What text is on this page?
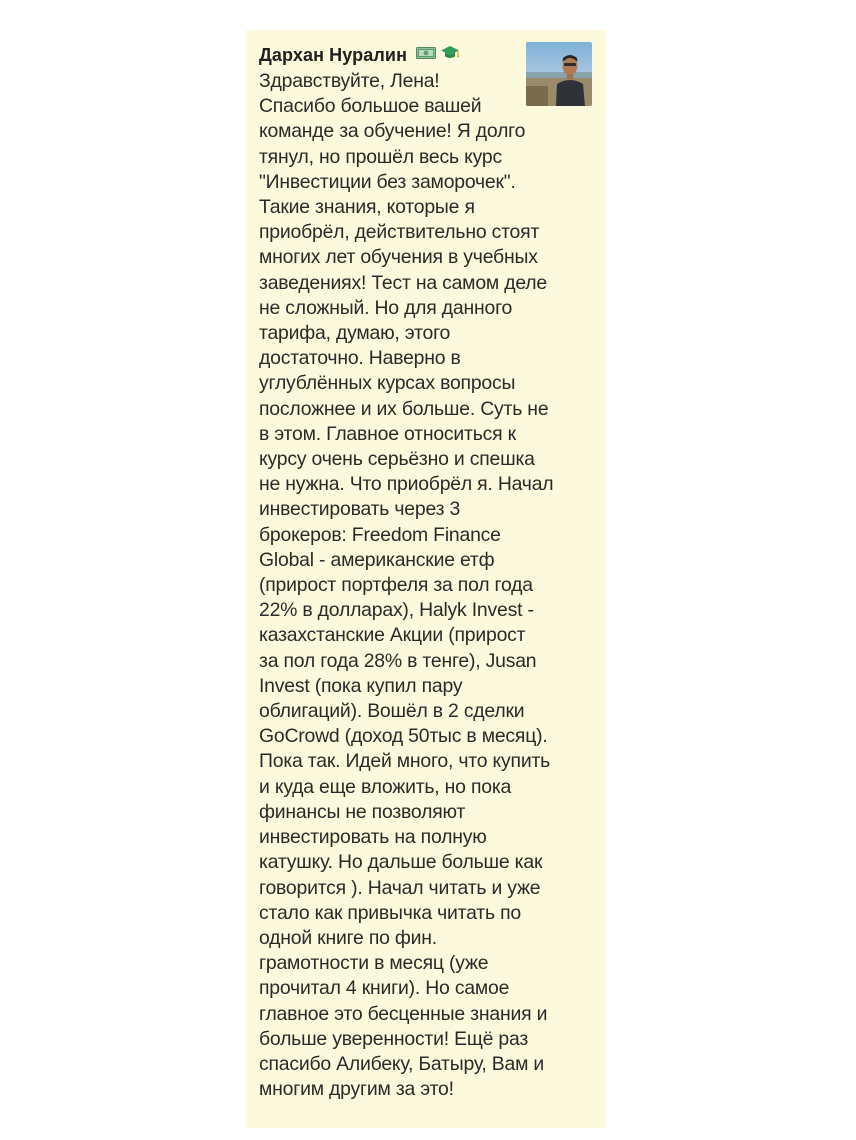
Дархан Нуралин
Здравствуйте, Лена!
Спасибо большое вашей
команде за обучение! Я долго
тянул, но прошёл весь курс
"Инвестиции без заморочек".
Такие знания, которые я
приобрёл, действительно стоят
многих лет обучения в учебных
заведениях! Тест на самом деле
не сложный. Но для данного
тарифа, думаю, этого
достаточно. Наверно в
углублённых курсах вопросы
посложнее и их больше. Суть не
в этом. Главное относиться к
курсу очень серьёзно и спешка
не нужна. Что приобрёл я. Начал
инвестировать через 3
брокеров: Freedom Finance
Global - американские етф
(прирост портфеля за пол года
22% в долларах), Halyk Invest -
казахстанские Акции (прирост
за пол года 28% в тенге), Jusan
Invest (пока купил пару
облигаций). Вошёл в 2 сделки
GoCrowd (доход 50тыс в месяц).
Пока так. Идей много, что купить
и куда еще вложить, но пока
финансы не позволяют
инвестировать на полную
катушку. Но дальше больше как
говорится ). Начал читать и уже
стало как привычка читать по
одной книге по фин.
грамотности в месяц (уже
прочитал 4 книги). Но самое
главное это бесценные знания и
больше уверенности! Ещё раз
спасибо Алибеку, Батыру, Вам и
многим другим за это!
